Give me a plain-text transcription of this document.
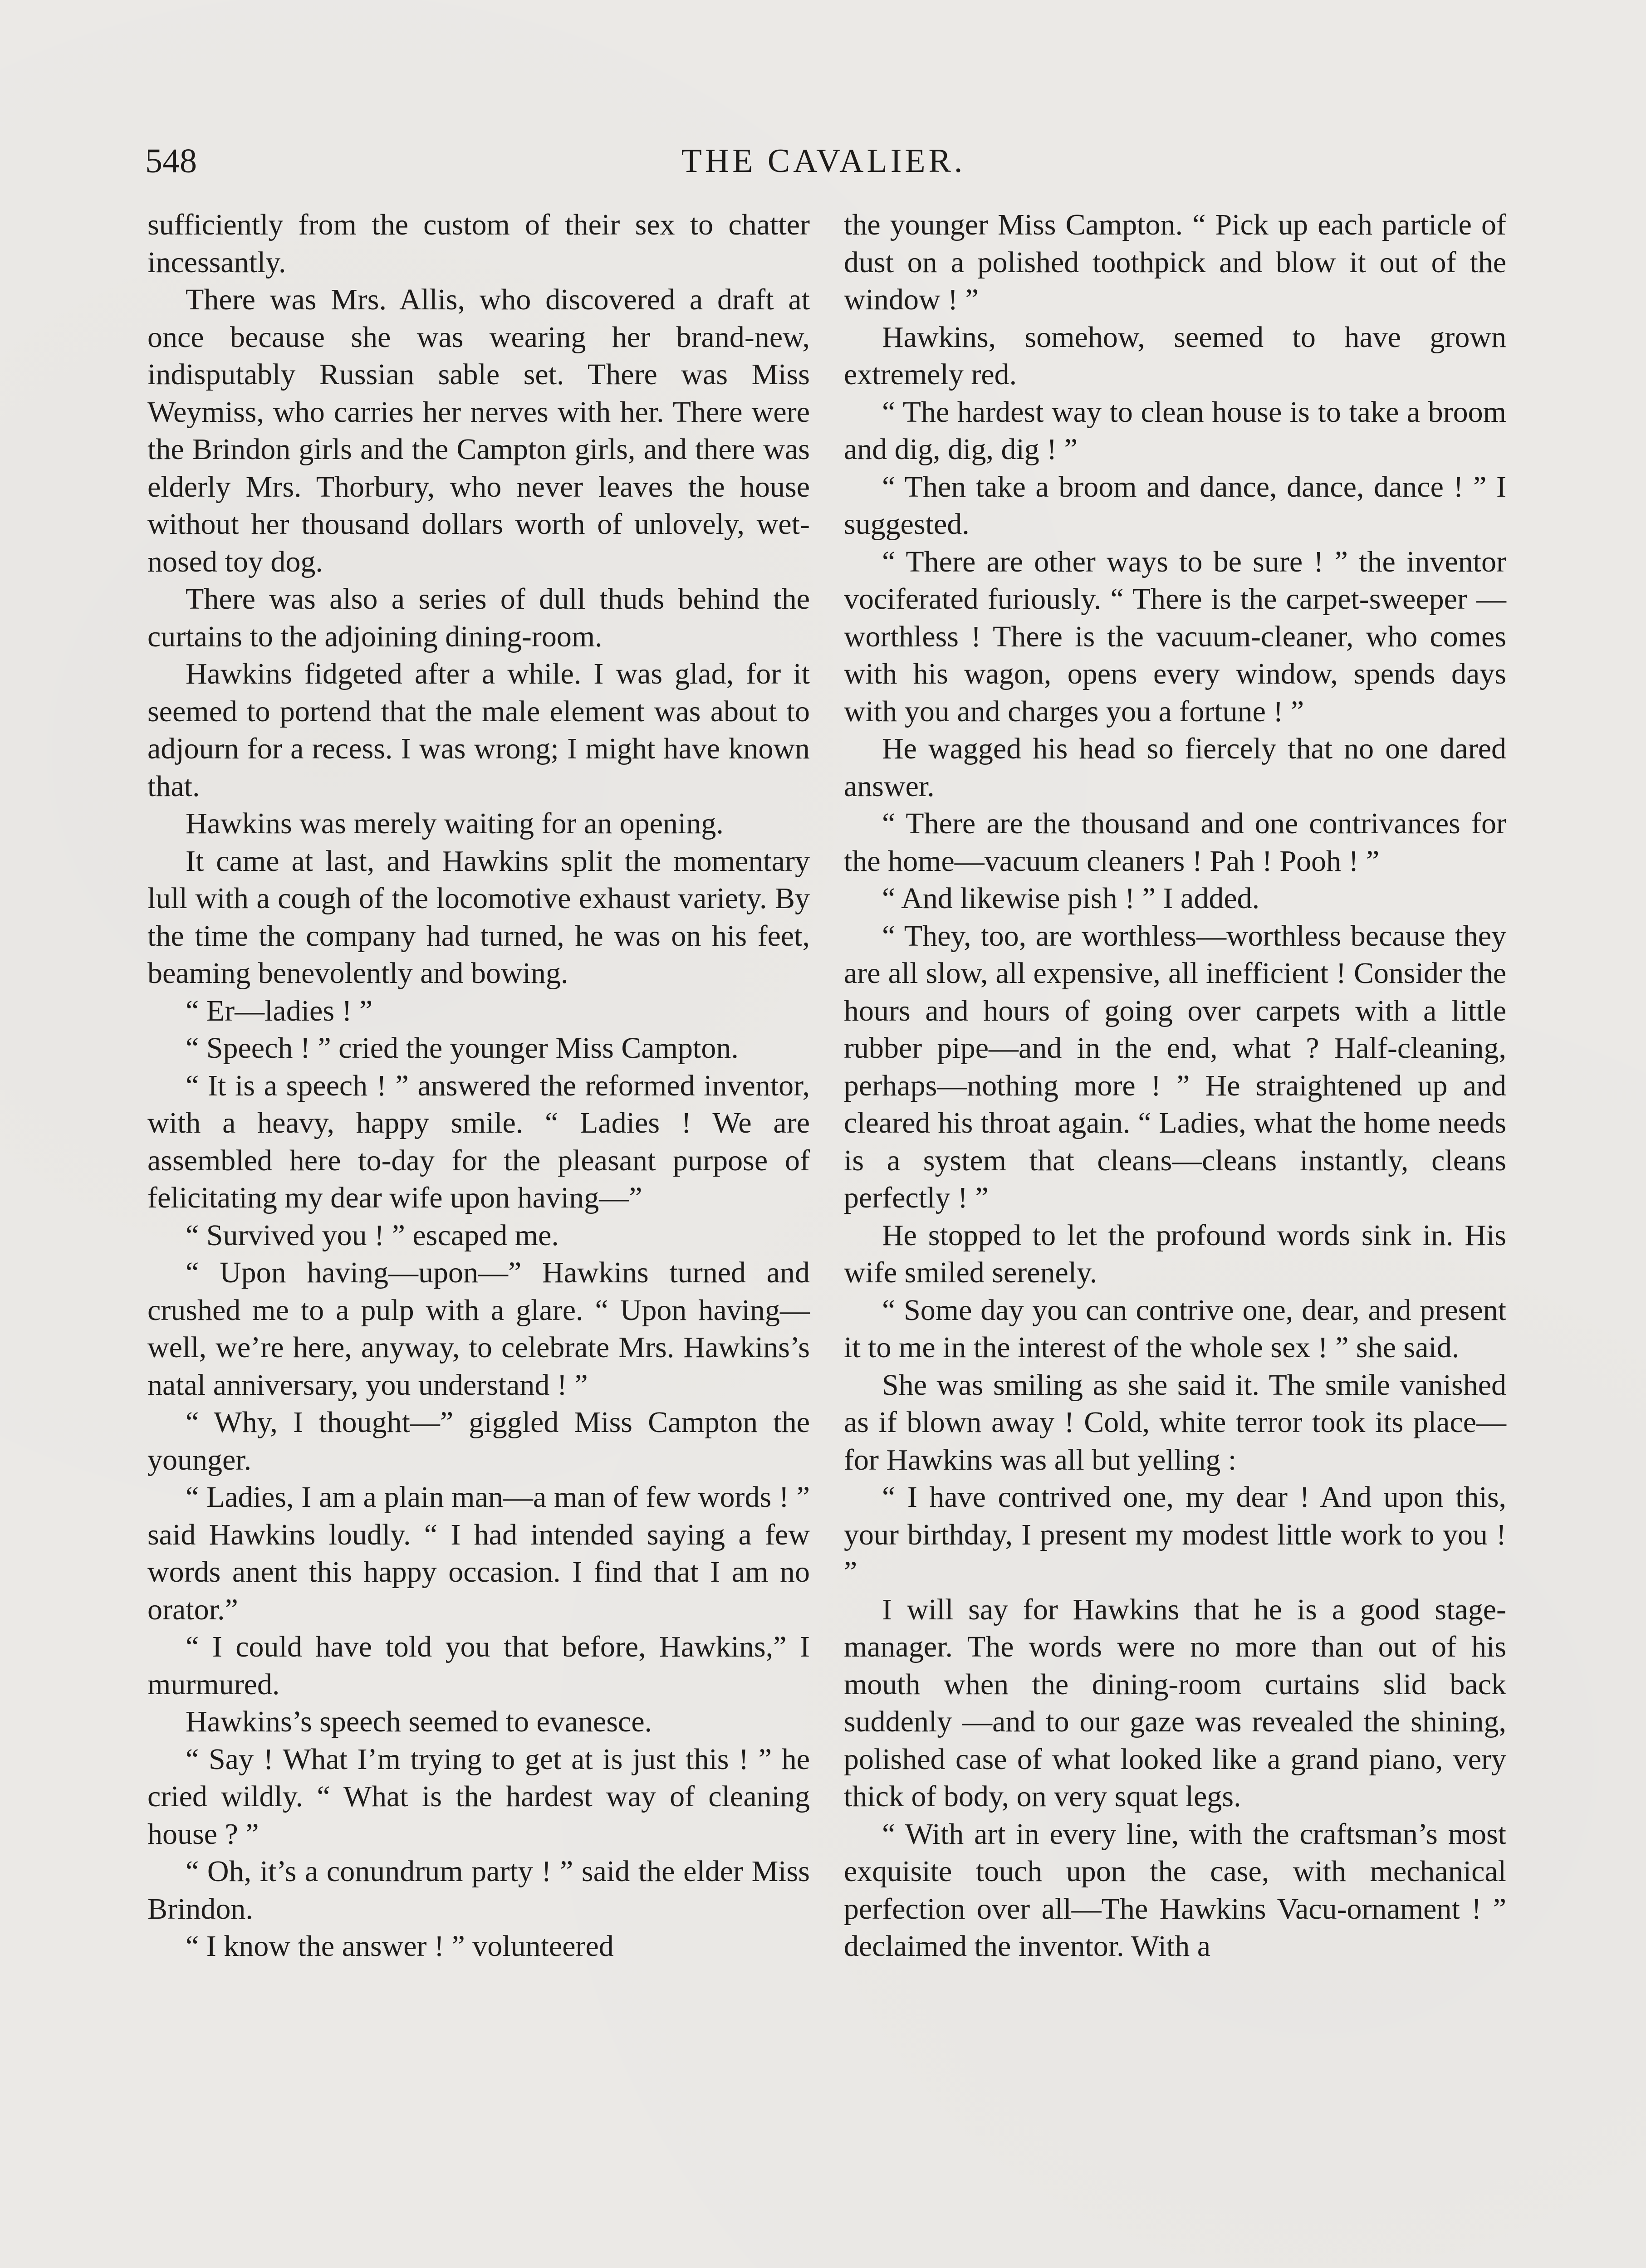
548	THE CAVALIER.

sufficiently from the custom of their sex to chatter incessantly.

There was Mrs. Allis, who discovered a draft at once because she was wearing her brand-new, indisputably Russian sable set. There was Miss Weymiss, who carries her nerves with her. There were the Brindon girls and the Campton girls, and there was elderly Mrs. Thorbury, who never leaves the house without her thousand dollars worth of unlovely, wet-nosed toy dog.

There was also a series of dull thuds behind the curtains to the adjoining dining-room.

Hawkins fidgeted after a while. I was glad, for it seemed to portend that the male element was about to adjourn for a recess. I was wrong; I might have known that.

Hawkins was merely waiting for an opening.

It came at last, and Hawkins split the momentary lull with a cough of the locomotive exhaust variety. By the time the company had turned, he was on his feet, beaming benevolently and bowing.

“ Er—ladies ! ”

“ Speech ! ” cried the younger Miss Campton.

“ It is a speech ! ” answered the reformed inventor, with a heavy, happy smile. “ Ladies ! We are assembled here to-day for the pleasant purpose of felicitating my dear wife upon having—”

“ Survived you ! ” escaped me.

“ Upon having—upon—” Hawkins turned and crushed me to a pulp with a glare. “ Upon having—well, we’re here, anyway, to celebrate Mrs. Hawkins’s natal anniversary, you understand ! ”

“ Why, I thought—” giggled Miss Campton the younger.

“ Ladies, I am a plain man—a man of few words ! ” said Hawkins loudly. “ I had intended saying a few words anent this happy occasion. I find that I am no orator.”

“ I could have told you that before, Hawkins,” I murmured.

Hawkins’s speech seemed to evanesce.

“ Say ! What I’m trying to get at is just this ! ” he cried wildly. “ What is the hardest way of cleaning house ? ”

“ Oh, it’s a conundrum party ! ” said the elder Miss Brindon.

“ I know the answer ! ” volunteered

the younger Miss Campton. “ Pick up each particle of dust on a polished toothpick and blow it out of the window ! ”

Hawkins, somehow, seemed to have grown extremely red.

“ The hardest way to clean house is to take a broom and dig, dig, dig ! ”

“ Then take a broom and dance, dance, dance ! ” I suggested.

“ There are other ways to be sure ! ” the inventor vociferated furiously. “ There is the carpet-sweeper — worthless ! There is the vacuum-cleaner, who comes with his wagon, opens every window, spends days with you and charges you a fortune ! ”

He wagged his head so fiercely that no one dared answer.

“ There are the thousand and one contrivances for the home—vacuum cleaners ! Pah ! Pooh ! ”

“ And likewise pish ! ” I added.

“ They, too, are worthless—worthless because they are all slow, all expensive, all inefficient ! Consider the hours and hours of going over carpets with a little rubber pipe—and in the end, what ? Half-cleaning, perhaps—nothing more ! ” He straightened up and cleared his throat again. “ Ladies, what the home needs is a system that cleans—cleans instantly, cleans perfectly ! ”

He stopped to let the profound words sink in. His wife smiled serenely.

“ Some day you can contrive one, dear, and present it to me in the interest of the whole sex ! ” she said.

She was smiling as she said it. The smile vanished as if blown away ! Cold, white terror took its place—for Hawkins was all but yelling :

“ I have contrived one, my dear ! And upon this, your birthday, I present my modest little work to you ! ”

I will say for Hawkins that he is a good stage-manager. The words were no more than out of his mouth when the dining-room curtains slid back suddenly —and to our gaze was revealed the shining, polished case of what looked like a grand piano, very thick of body, on very squat legs.

“ With art in every line, with the craftsman’s most exquisite touch upon the case, with mechanical perfection over all—The Hawkins Vacu-ornament ! ” declaimed the inventor. With a
